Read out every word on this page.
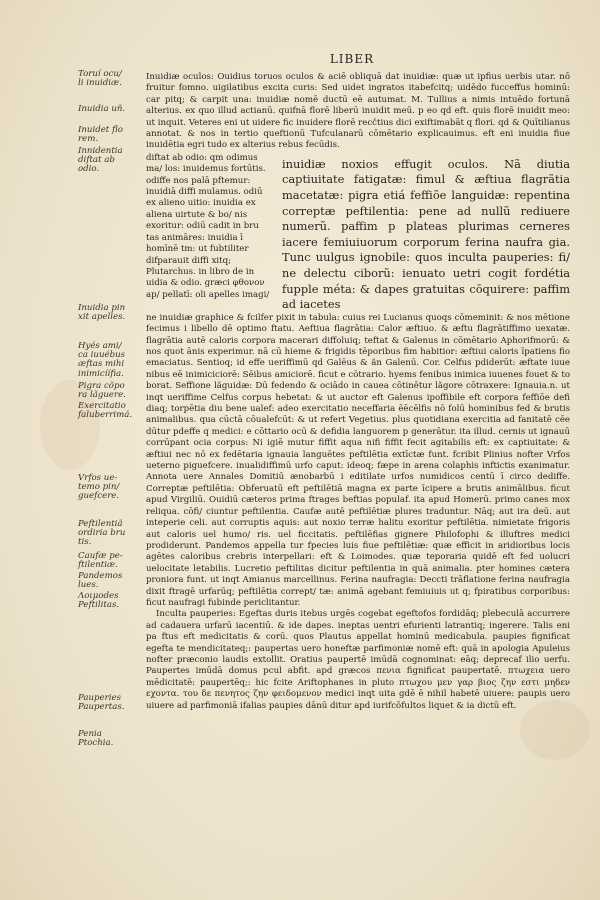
LIBER
Toruí ocu/
li inuidiæ.
Inuidia uñ.
Inuidet flo
rem.
Innidentia
diftat ab
odio.
Inuidia pin
xit apelles.
Hyés ami/
ca iuuébus
æftas mihi
inimicíífia.
Pigra cõpo
ra lãguere.
Exercitatio
faluberrimá.
Vrfos ue-
temo pin/
guefcere.
Peftilentiã
ordiria bru
tis.
Caufæ pe-
ftilentiæ.
Pandemos
lues.
Λοιμodes
Peftilitas.
Pauperies
Paupertas.
Penia
Ptochia.

Inuidiæ oculos: Ouidius toruos oculos & aciē obliquā dat inuidiæ: quæ ut ipfius uerbis utar. nō fruitur fomno. uigilatibus excita curis: Sed uidet ingratos itabefcitq; uidēdo fucceffus hominū: car pitq; & carpit una: inuidiæ nomē ductū eē autumat. M. Tullius a nimis intuēdo fortunā alterius. ex quo illud actianū. quifnā florē liberū inuidit meū. p eo qd eft. quis florē inuidit meo: ut inquit. Veteres eni ut uidere fic inuidere florē recčtius dici exiftimabāt q flori. qd & Quītilianus annotat. & nos in tertio queftionū Tufculanarū cōmētario explicauimus. eft eni inuidia fiue inuidētia egri tudo ex alterius rebus fecūdis.

diftat ab odio: qm odimus ma/ los: inuidemus fortūtis. odiffe nos palā pftemur: inuidiā diffi mulamus. odiū ex alieno uitio: inuidia ex aliena uirtute & bo/ nis exoritur: odiū cadit in bru tas animāres: inuidia ī homīnē tm: ut fubtiliter difparauit diffi xitq; Plutarchus. in libro de in uidia & odio. græci φθονον ap/ pellatī: oli apelles imagi/
inuidiæ noxios effugit oculos. Nã diutia captiuitate fatigatæ: fimul & æftiua flagrãtia macetatæ: pigra etiá feffiõe languidæ: repentina correptæ peftilentia: pene ad nullũ rediuere numerũ. paffim p plateas plurimas cerneres iacere femiuiuorum corporum ferina naufra gia. Tunc uulgus ignobile: quos inculta pauperies: fi/ ne delectu ciborũ: ienuato uetri cogit fordétia fupple méta: & dapes gratuitas cōquirere: paffim ad iacetes

ne inuidiæ graphice & fcilfer pixit in tabula: cuius rei Lucianus quoqs cōmeminit: & nos mētione fecimus i libello dē optimo ftatu. Aeftiua flagrātia: Calor æftiuo. & æftu flagrātiffimo uexatæ. flagrātia autē caloris corpora macerari diffoluiq; teftat & Galenus in cōmētario Aphorifmorū: & nos quot ānis experimur. nā cū hieme & frigidis tēporibus fim habitior: æftiui caloris īpatiens fio emaciatus. Sentioq; id effe ueriffimū qd Galēus & ăn Galenū. Cor. Celfus pdiderūt: æftate iuue nibus eē inimiciciorē: Sēibus amiciorē. ficut e cōtrario. hyems fenibus inimica iuuenes fouet & to borat. Seffione lãguidæ: Dū fedendo & ociādo in cauea cōtinētur lãgore cōtraxere: Ignauia.n. ut inqt ueriffime Celfus corpus hebetat: & ut auctor eft Galenus ipoffibile eft corpora feffiōe defi diaq; torpētia diu bene ualef: adeo exercitatio neceffaria ēēcēlfis nō folū hominibus fed & brutis animalibus. qua cūctā cōualefcūt: & ut refert Vegetius. plus quotidiana exercitia ad fanitatē cēe dūtur pdeffe q medici: e cōttario ocū & defidia languorem p generātur. ita illud. cernis ut ignauū corrūpant ocia corpus: Ni igiē mutur fiffit aqua nifi fiffit fecit agitabilis eft: ex captiuitate: & æftiui nec nō ex fedētaria ignauia languētes peftilētia extīctæ funt. fcribit Plinius nofter Vrfos ueterno piguefcere. inualidiffimū urfo caput: ideoq; fæpe in arena colaphis inftictis exanimatur. Annota uere Annales Domitiū ænobarbū i editilate urfos numidicos centū ī circo dediffe. Correptæ peftilētia: Obferuatū eft peftilētiā magna ex parte īcipere a brutis animālibus. ficut apud Virgiliū. Ouidiū cæteros prima ftrages beftias populaf. ita apud Homerū. primo canes mox reliqua. cōfi/ ciuntur peftilentia. Caufæ autē peftilētiæ plures traduntur. Nāq; aut ira deū. aut inteperie celi. aut corruptis aquis: aut noxio terræ halitu exoritur peftilētia. nimietate frigoris aut caloris uel humo/ ris. uel ficcitatis. peftilēfias gignere Philofophi & illuftres medici prodiderunt. Pandemos appella tur fpecies luis fiue peftilētiæ: quæ efficit in aridioribus locis agētes caloribus crebris interpellari: eft & Loimodes. quæ teporaria quidē eft fed uolucri uelocitate letabilis. Lucretio peftilitas dicitur peftilentia in quā animalia. pter homines cætera proniora funt. ut inqt Amianus marcellinus. Ferina naufragia: Deccti trāflatione ferina naufragia dixit ftragē urfarūq; peftilētia corrept/ tæ: animā agebant femiuiuis ut q; fpiratibus corporibus: ficut naufragi fubinde periclitantur.

Inculta pauperies: Egeftas duris itebus urgēs cogebat egeftofos fordidāq; plebeculā accurrere ad cadauera urfarū iacentiū. & ide dapes. ineptas uentri efurienti latrantiq; ingerere. Talis eni pa ftus eft medicitatis & corū. quos Plautus appellat hominū medicabula. paupies fignificat egefta te mendicitateq;: paupertas uero honeftæ parfimoniæ nomē eft: quā in apologia Apuleius nofter præconio laudis extollit. Oratius paupertē imūdā cognominat: eāq; deprecaf ilio uerfu. Paupertes imūdā domus pcul abfit. apd græcos πενια fignificat paupertatē. πτωχεια uero mēdicitatē: paupertēq;: hic fcite Ariftophanes in pluto πτωχου μεν γαρ βιος ζην εστι μηδεν εχοντα. του δε πενητος ζην φειδομενον medici inqt uita gdē ē nihil habetē uiuere: paupis uero uiuere ad parfimoniā ifalias paupies dānū ditur apd iurifcōfultos liquet & ia dictū eft.
